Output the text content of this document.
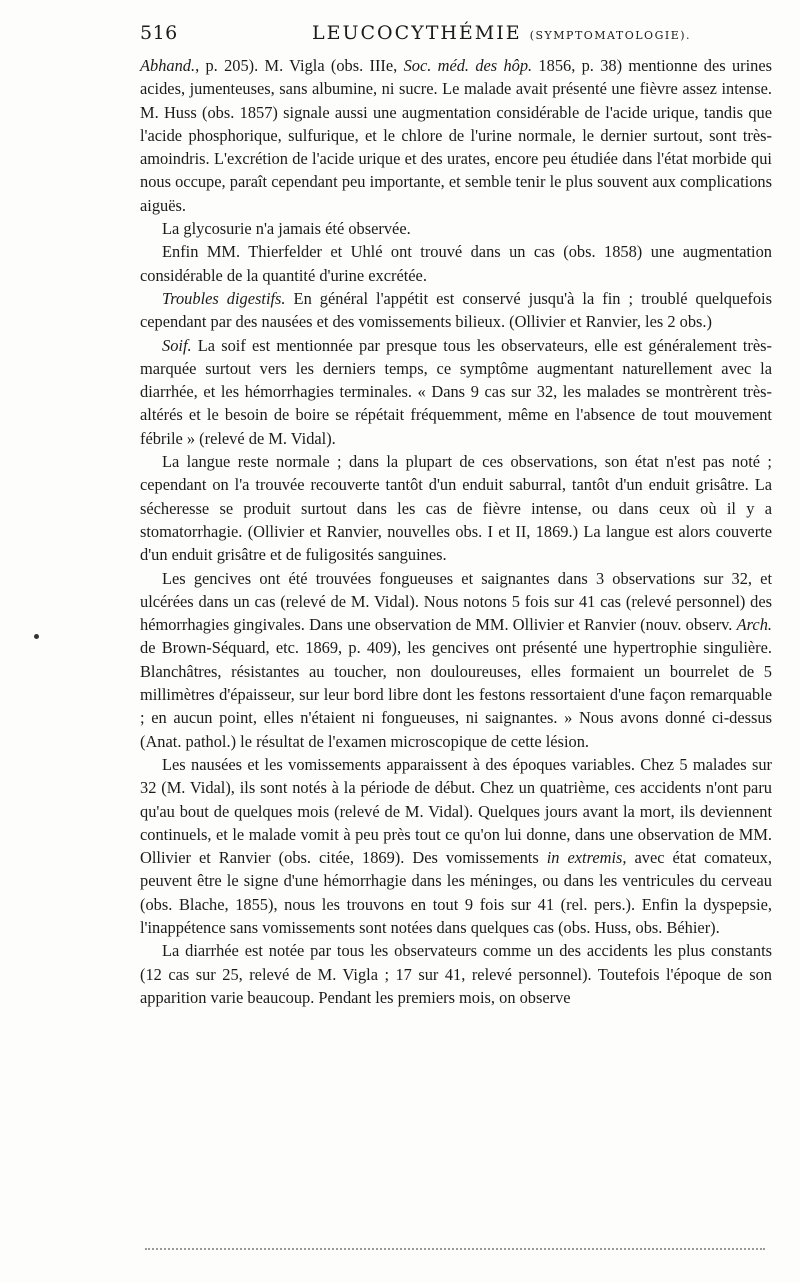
516	LEUCOCYTHÉMIE (SYMPTOMATOLOGIE).

Abhand., p. 205). M. Vigla (obs. IIIe, Soc. méd. des hôp. 1856, p. 38) mentionne des urines acides, jumenteuses, sans albumine, ni sucre. Le malade avait présenté une fièvre assez intense. M. Huss (obs. 1857) signale aussi une augmentation considérable de l'acide urique, tandis que l'acide phosphorique, sulfurique, et le chlore de l'urine normale, le dernier surtout, sont très-amoindris. L'excrétion de l'acide urique et des urates, encore peu étudiée dans l'état morbide qui nous occupe, paraît cependant peu importante, et semble tenir le plus souvent aux complications aiguës.

La glycosurie n'a jamais été observée.

Enfin MM. Thierfelder et Uhlé ont trouvé dans un cas (obs. 1858) une augmentation considérable de la quantité d'urine excrétée.

Troubles digestifs. En général l'appétit est conservé jusqu'à la fin ; troublé quelquefois cependant par des nausées et des vomissements bilieux. (Ollivier et Ranvier, les 2 obs.)

Soif. La soif est mentionnée par presque tous les observateurs, elle est généralement très-marquée surtout vers les derniers temps, ce symptôme augmentant naturellement avec la diarrhée, et les hémorrhagies terminales. « Dans 9 cas sur 32, les malades se montrèrent très-altérés et le besoin de boire se répétait fréquemment, même en l'absence de tout mouvement fébrile » (relevé de M. Vidal).

La langue reste normale ; dans la plupart de ces observations, son état n'est pas noté ; cependant on l'a trouvée recouverte tantôt d'un enduit saburral, tantôt d'un enduit grisâtre. La sécheresse se produit surtout dans les cas de fièvre intense, ou dans ceux où il y a stomatorrhagie. (Ollivier et Ranvier, nouvelles obs. I et II, 1869.) La langue est alors couverte d'un enduit grisâtre et de fuligosités sanguines.

Les gencives ont été trouvées fongueuses et saignantes dans 3 observations sur 32, et ulcérées dans un cas (relevé de M. Vidal). Nous notons 5 fois sur 41 cas (relevé personnel) des hémorrhagies gingivales. Dans une observation de MM. Ollivier et Ranvier (nouv. observ. Arch. de Brown-Séquard, etc. 1869, p. 409), les gencives ont présenté une hypertrophie singulière. Blanchâtres, résistantes au toucher, non douloureuses, elles formaient un bourrelet de 5 millimètres d'épaisseur, sur leur bord libre dont les festons ressortaient d'une façon remarquable ; en aucun point, elles n'étaient ni fongueuses, ni saignantes. » Nous avons donné ci-dessus (Anat. pathol.) le résultat de l'examen microscopique de cette lésion.

Les nausées et les vomissements apparaissent à des époques variables. Chez 5 malades sur 32 (M. Vidal), ils sont notés à la période de début. Chez un quatrième, ces accidents n'ont paru qu'au bout de quelques mois (relevé de M. Vidal). Quelques jours avant la mort, ils deviennent continuels, et le malade vomit à peu près tout ce qu'on lui donne, dans une observation de MM. Ollivier et Ranvier (obs. citée, 1869). Des vomissements in extremis, avec état comateux, peuvent être le signe d'une hémorrhagie dans les méninges, ou dans les ventricules du cerveau (obs. Blache, 1855), nous les trouvons en tout 9 fois sur 41 (rel. pers.). Enfin la dyspepsie, l'inappétence sans vomissements sont notées dans quelques cas (obs. Huss, obs. Béhier).

La diarrhée est notée par tous les observateurs comme un des accidents les plus constants (12 cas sur 25, relevé de M. Vigla ; 17 sur 41, relevé personnel). Toutefois l'époque de son apparition varie beaucoup. Pendant les premiers mois, on observe
